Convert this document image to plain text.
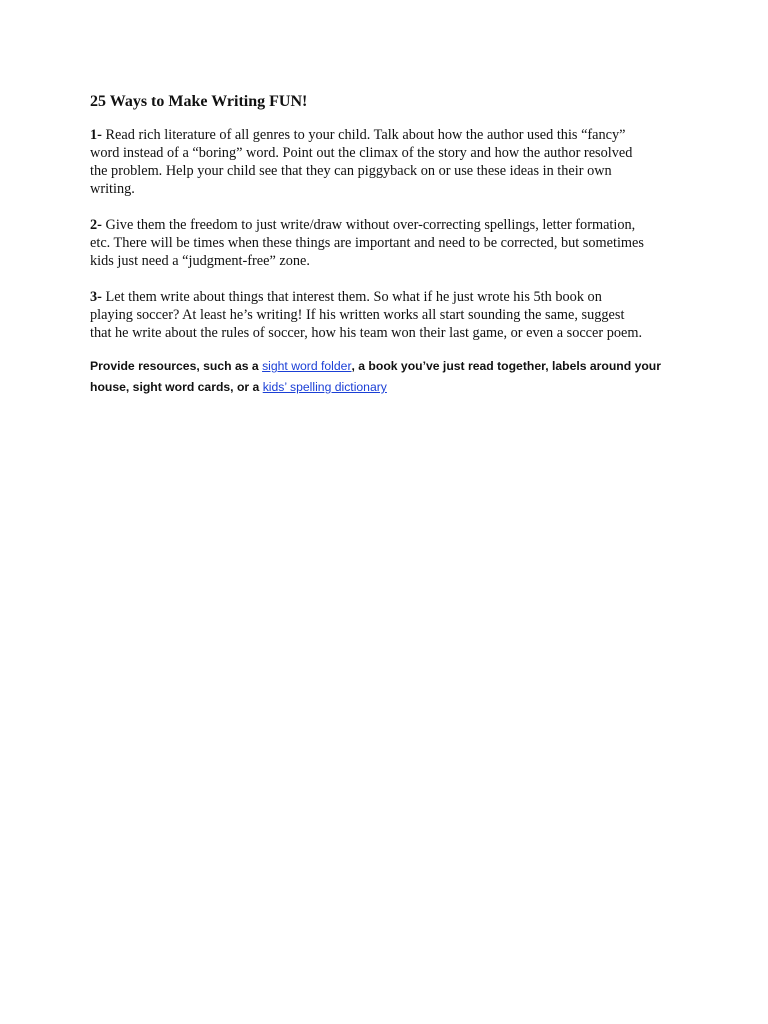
25 Ways to Make Writing FUN!
1- Read rich literature of all genres to your child. Talk about how the author used this “fancy”
word instead of a “boring” word. Point out the climax of the story and how the author resolved
the problem. Help your child see that they can piggyback on or use these ideas in their own
writing.
2- Give them the freedom to just write/draw without over-correcting spellings, letter formation,
etc. There will be times when these things are important and need to be corrected, but sometimes
kids just need a “judgment-free” zone.
3- Let them write about things that interest them. So what if he just wrote his 5th book on
playing soccer? At least he’s writing! If his written works all start sounding the same, suggest
that he write about the rules of soccer, how his team won their last game, or even a soccer poem.
Provide resources, such as a sight word folder, a book you’ve just read together, labels around your
house, sight word cards, or a kids’ spelling dictionary
